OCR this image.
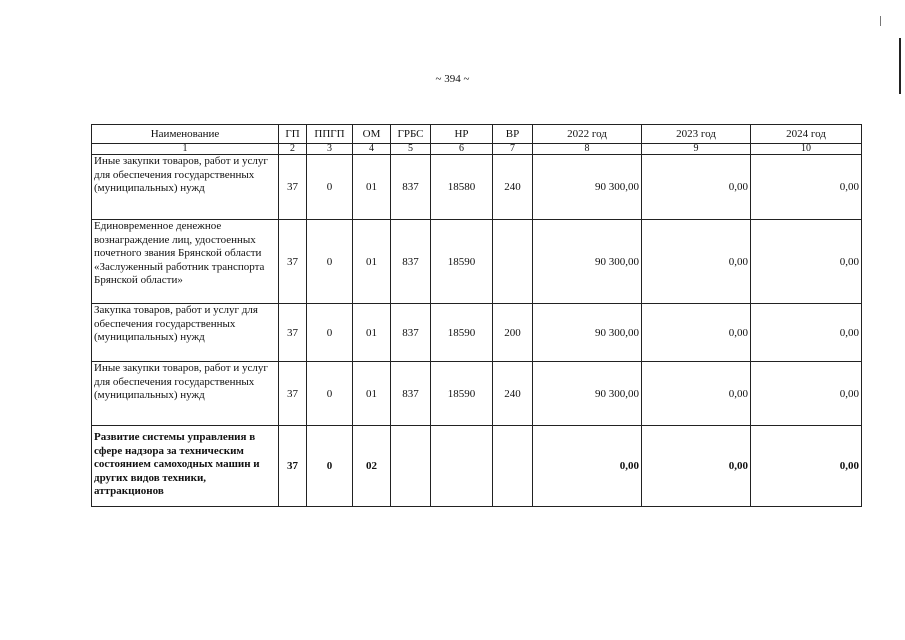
~ 394 ~
Наименование	ГП	ППГП	ОМ	ГРБС	НР	ВР	2022 год	2023 год	2024 год
1	2	3	4	5	6	7	8	9	10
Иные закупки товаров, работ и услуг для обеспечения государственных (муниципальных) нужд	37	0	01	837	18580	240	90 300,00	0,00	0,00
Единовременное денежное вознаграждение лиц, удостоенных почетного звания Брянской области «Заслуженный работник транспорта Брянской области»	37	0	01	837	18590		90 300,00	0,00	0,00
Закупка товаров, работ и услуг для обеспечения государственных (муниципальных) нужд	37	0	01	837	18590	200	90 300,00	0,00	0,00
Иные закупки товаров, работ и услуг для обеспечения государственных (муниципальных) нужд	37	0	01	837	18590	240	90 300,00	0,00	0,00
Развитие системы управления в сфере надзора за техническим состоянием самоходных машин и других видов техники, аттракционов	37	0	02				0,00	0,00	0,00
